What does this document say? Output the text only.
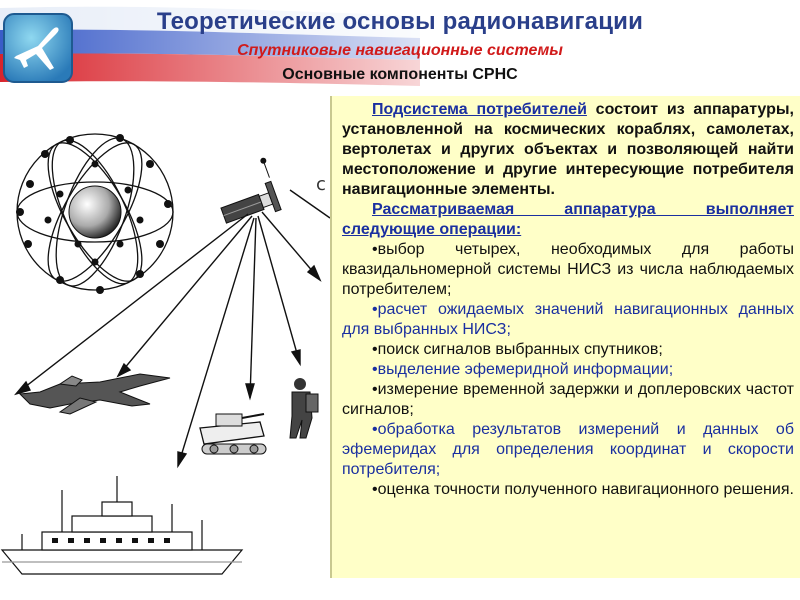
Теоретические основы радионавигации
Спутниковые навигационные системы
Основные компоненты СРНС
c

Подсистема потребителей состоит из аппаратуры, установленной на космических кораблях, самолетах, вертолетах и других объектах и позволяющей найти местоположение и другие интересующие потребителя навигационные элементы.

Рассматриваемая аппаратура выполняет следующие операции:

•выбор четырех, необходимых для работы квазидальномерной системы НИСЗ из числа наблюдаемых потребителем;

•расчет ожидаемых значений навигационных данных для выбранных НИСЗ;

•поиск сигналов выбранных спутников;

•выделение эфемеридной информации;

•измерение временной задержки и доплеровских частот сигналов;

•обработка результатов измерений и данных об эфемеридах для определения координат и скорости потребителя;

•оценка точности полученного навигационного решения.
